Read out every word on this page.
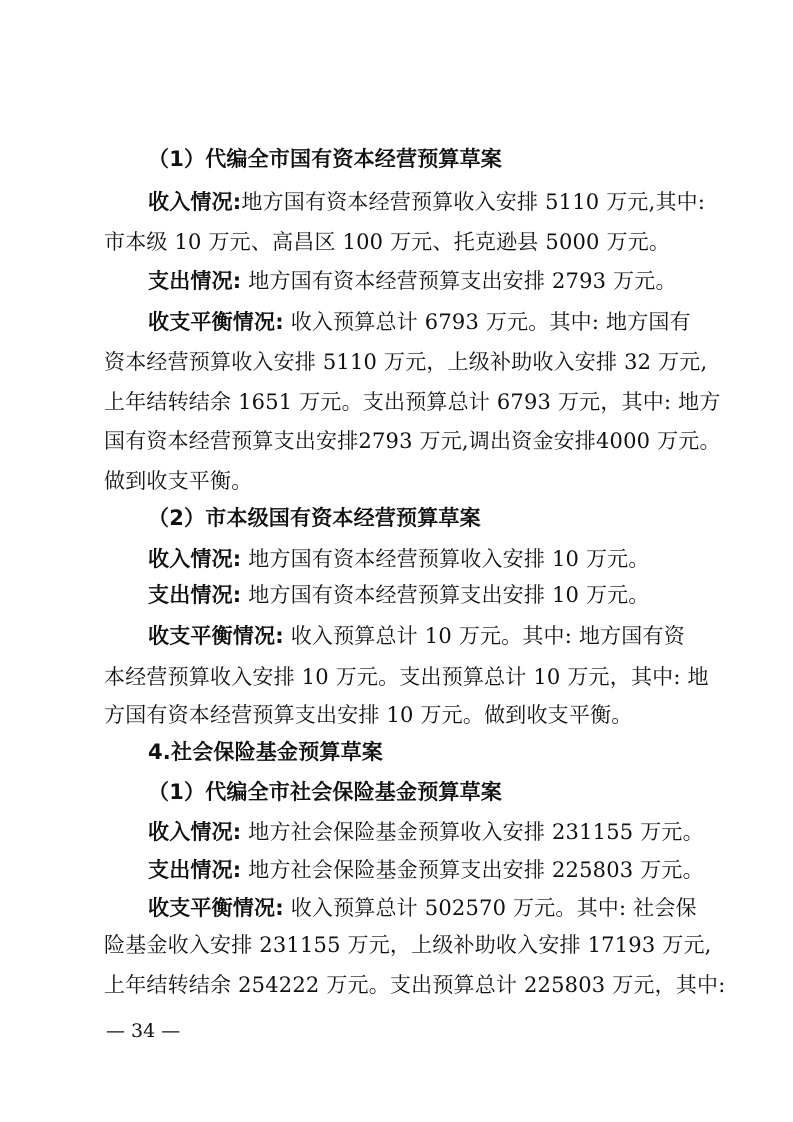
（1）代编全市国有资本经营预算草案
收入情况:地方国有资本经营预算收入安排 5110 万元,其中:
市本级 10 万元、高昌区 100 万元、托克逊县 5000 万元。
支出情况: 地方国有资本经营预算支出安排 2793 万元。
收支平衡情况: 收入预算总计 6793 万元。其中: 地方国有
资本经营预算收入安排 5110 万元，上级补助收入安排 32 万元,
上年结转结余 1651 万元。支出预算总计 6793 万元，其中: 地方
国有资本经营预算支出安排2793 万元,调出资金安排4000 万元。
做到收支平衡。
（2）市本级国有资本经营预算草案
收入情况: 地方国有资本经营预算收入安排 10 万元。
支出情况: 地方国有资本经营预算支出安排 10 万元。
收支平衡情况: 收入预算总计 10 万元。其中: 地方国有资
本经营预算收入安排 10 万元。支出预算总计 10 万元，其中: 地
方国有资本经营预算支出安排 10 万元。做到收支平衡。
4.社会保险基金预算草案
（1）代编全市社会保险基金预算草案
收入情况: 地方社会保险基金预算收入安排 231155 万元。
支出情况: 地方社会保险基金预算支出安排 225803 万元。
收支平衡情况: 收入预算总计 502570 万元。其中: 社会保
险基金收入安排 231155 万元，上级补助收入安排 17193 万元,
上年结转结余 254222 万元。支出预算总计 225803 万元，其中:
— 34 —
